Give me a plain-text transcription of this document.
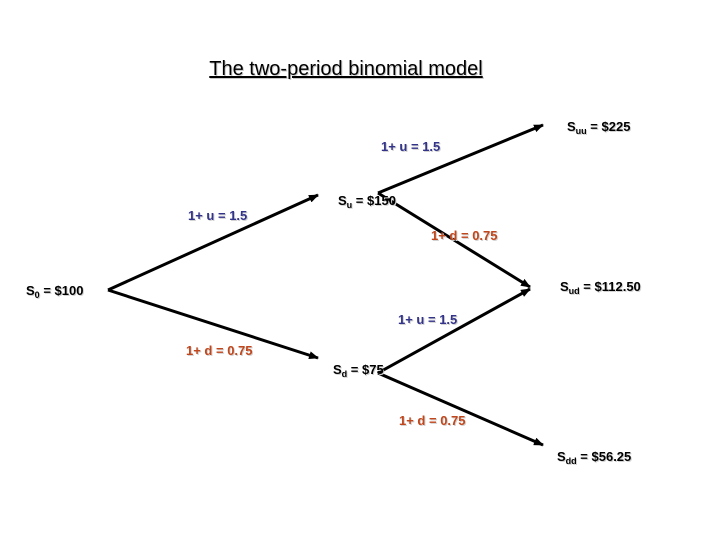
The two-period binomial model
$S_0$ = $100
$S_u$ = $150
$S_d$ = $75
$S_{uu}$ = $225
$S_{ud}$ = $112.50
$S_{dd}$ = $56.25
1+ u = 1.5
1+ d = 0.75
1+ u = 1.5
1+ d = 0.75
1+ u = 1.5
1+ d = 0.75
